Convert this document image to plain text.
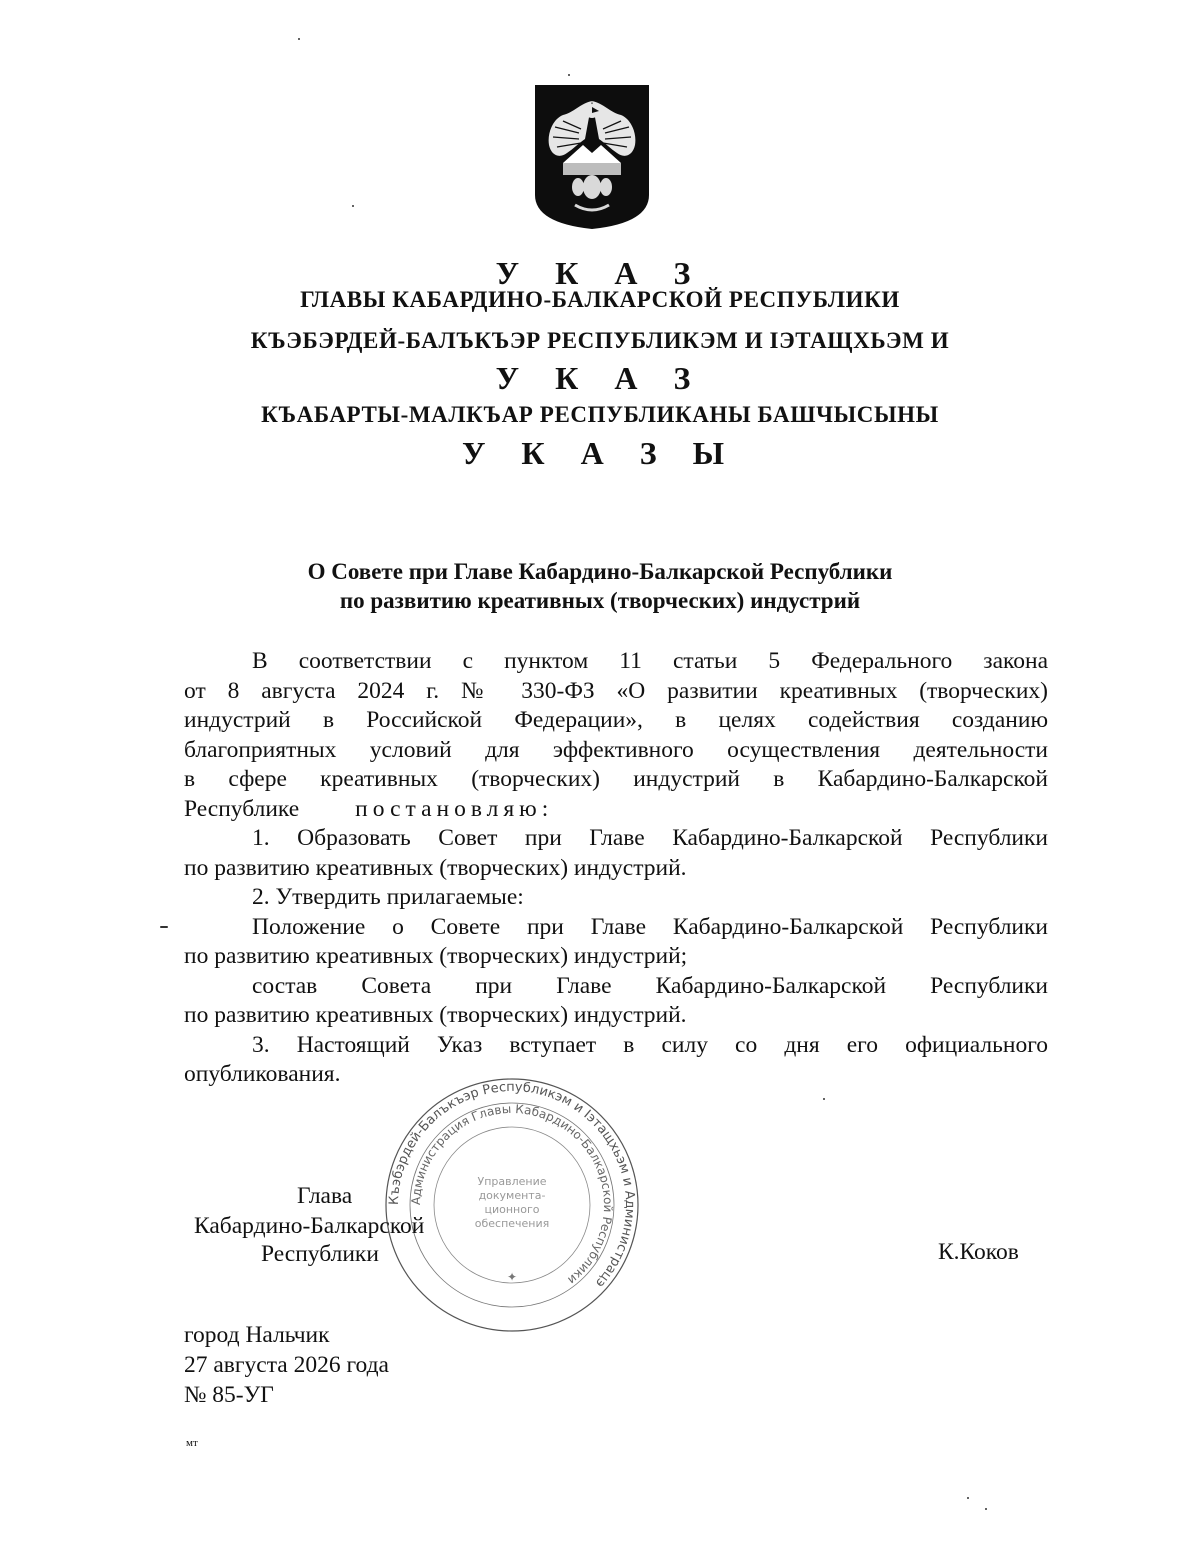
У К А З
ГЛАВЫ КАБАРДИНО-БАЛКАРСКОЙ РЕСПУБЛИКИ
КЪЭБЭРДЕЙ-БАЛЪКЪЭР РЕСПУБЛИКЭМ И IЭТАЩХЬЭМ И
У К А З
КЪАБАРТЫ-МАЛКЪАР РЕСПУБЛИКАНЫ БАШЧЫСЫНЫ
У К А З Ы
О Совете при Главе Кабардино-Балкарской Республики
по развитию креативных (творческих) индустрий

В соответствии с пунктом 11 статьи 5 Федерального закона

от 8 августа 2024 г. № 330-ФЗ «О развитии креативных (творческих)

индустрий в Российской Федерации», в целях содействия созданию

благоприятных условий для эффективного осуществления деятельности

в сфере креативных (творческих) индустрий в Кабардино-Балкарской

Республике постановляю:

1. Образовать Совет при Главе Кабардино-Балкарской Республики

по развитию креативных (творческих) индустрий.

2. Утвердить прилагаемые:

Положение о Совете при Главе Кабардино-Балкарской Республики

по развитию креативных (творческих) индустрий;

состав Совета при Главе Кабардино-Балкарской Республики

по развитию креативных (творческих) индустрий.

3. Настоящий Указ вступает в силу со дня его официального

опубликования.

Къэбэрдей-Балъкъэр Республикэм и Iэтащхьэм и Администрацэ
Администрация Главы Кабардино-Балкарской Республики
Управление
документа-
ционного
обеспечения
✦
Глава
Кабардино-Балкарской
Республики	К.Коков
город Нальчик
27 августа 2026 года
№ 85-УГ
мт
